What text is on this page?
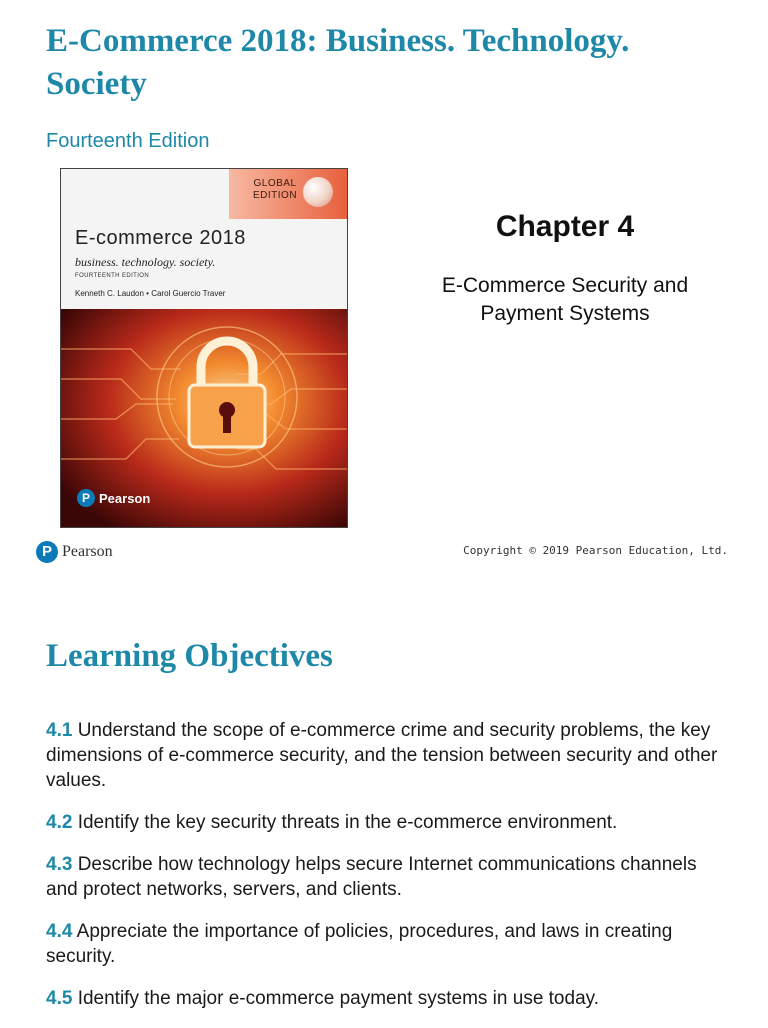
E-Commerce 2018: Business. Technology. Society

Fourteenth Edition

GLOBAL
EDITION
E-commerce 2018
business. technology. society.
FOURTEENTH EDITION
Kenneth C. Laudon • Carol Guercio Traver
P Pearson
Chapter 4

E-Commerce Security and Payment Systems

P Pearson	Copyright © 2019 Pearson Education, Ltd.
Learning Objectives
4.1 Understand the scope of e-commerce crime and security problems, the key dimensions of e-commerce security, and the tension between security and other values.
4.2 Identify the key security threats in the e-commerce environment.
4.3 Describe how technology helps secure Internet communications channels and protect networks, servers, and clients.
4.4 Appreciate the importance of policies, procedures, and laws in creating security.
4.5 Identify the major e-commerce payment systems in use today.
